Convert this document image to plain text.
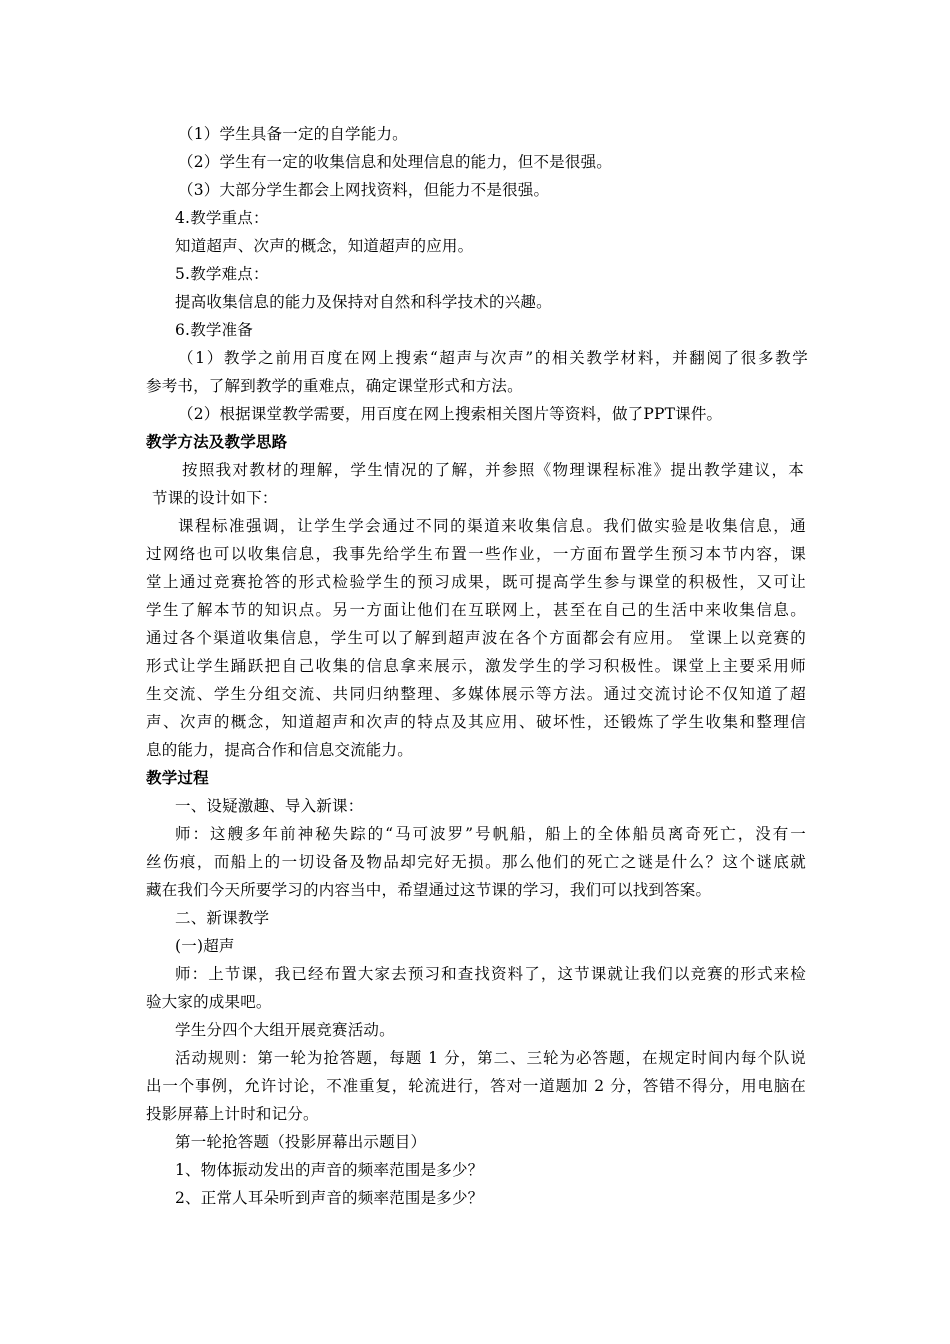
（1）学生具备一定的自学能力。
（2）学生有一定的收集信息和处理信息的能力，但不是很强。
（3）大部分学生都会上网找资料，但能力不是很强。
4.教学重点：
知道超声、次声的概念，知道超声的应用。
5.教学难点：
提高收集信息的能力及保持对自然和科学技术的兴趣。
6.教学准备
（1）教学之前用百度在网上搜索“超声与次声”的相关教学材料，并翻阅了很多教学
参考书，了解到教学的重难点，确定课堂形式和方法。
（2）根据课堂教学需要，用百度在网上搜索相关图片等资料，做了PPT课件。
教学方法及教学思路
按照我对教材的理解，学生情况的了解，并参照《物理课程标准》提出教学建议，本
节课的设计如下：
课程标准强调，让学生学会通过不同的渠道来收集信息。我们做实验是收集信息，通
过网络也可以收集信息，我事先给学生布置一些作业，一方面布置学生预习本节内容，课
堂上通过竞赛抢答的形式检验学生的预习成果，既可提高学生参与课堂的积极性，又可让
学生了解本节的知识点。另一方面让他们在互联网上，甚至在自己的生活中来收集信息。
通过各个渠道收集信息，学生可以了解到超声波在各个方面都会有应用。 堂课上以竞赛的
形式让学生踊跃把自己收集的信息拿来展示，激发学生的学习积极性。课堂上主要采用师
生交流、学生分组交流、共同归纳整理、多媒体展示等方法。通过交流讨论不仅知道了超
声、次声的概念，知道超声和次声的特点及其应用、破坏性，还锻炼了学生收集和整理信
息的能力，提高合作和信息交流能力。
教学过程
一、设疑激趣、导入新课：
师：这艘多年前神秘失踪的“马可波罗”号帆船，船上的全体船员离奇死亡，没有一
丝伤痕，而船上的一切设备及物品却完好无损。那么他们的死亡之谜是什么？这个谜底就
藏在我们今天所要学习的内容当中，希望通过这节课的学习，我们可以找到答案。
二、新课教学
(一)超声
师：上节课，我已经布置大家去预习和查找资料了，这节课就让我们以竞赛的形式来检
验大家的成果吧。
学生分四个大组开展竞赛活动。
活动规则：第一轮为抢答题，每题 1 分，第二、三轮为必答题，在规定时间内每个队说
出一个事例，允许讨论，不准重复，轮流进行，答对一道题加 2 分，答错不得分，用电脑在
投影屏幕上计时和记分。
第一轮抢答题（投影屏幕出示题目）
1、物体振动发出的声音的频率范围是多少？
2、正常人耳朵听到声音的频率范围是多少？
